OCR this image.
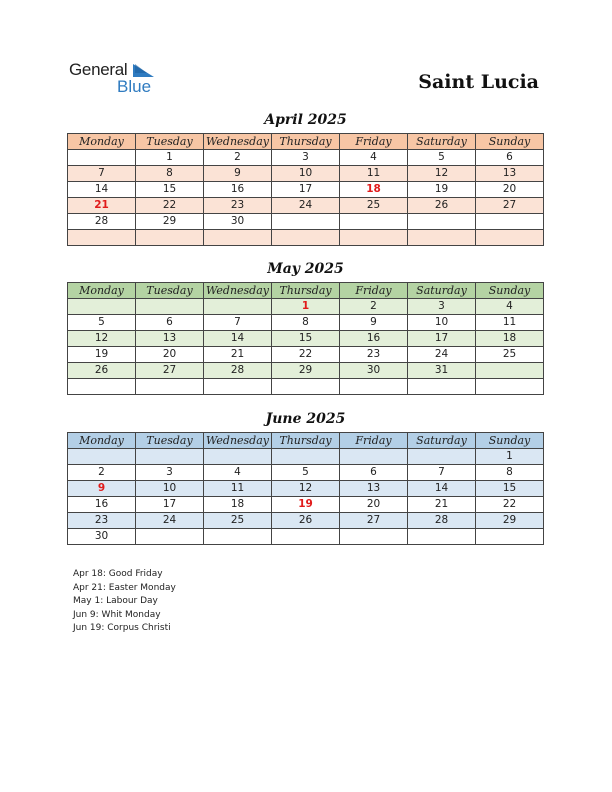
General
Blue	Saint Lucia
April 2025
Monday	Tuesday	Wednesday	Thursday	Friday	Saturday	Sunday
	1	2	3	4	5	6
7	8	9	10	11	12	13
14	15	16	17	18	19	20
21	22	23	24	25	26	27
28	29	30				

May 2025
Monday	Tuesday	Wednesday	Thursday	Friday	Saturday	Sunday
			1	2	3	4
5	6	7	8	9	10	11
12	13	14	15	16	17	18
19	20	21	22	23	24	25
26	27	28	29	30	31	

June 2025
Monday	Tuesday	Wednesday	Thursday	Friday	Saturday	Sunday
						1
2	3	4	5	6	7	8
9	10	11	12	13	14	15
16	17	18	19	20	21	22
23	24	25	26	27	28	29
30						
Apr 18: Good Friday
Apr 21: Easter Monday
May 1: Labour Day
Jun 9: Whit Monday
Jun 19: Corpus Christi
